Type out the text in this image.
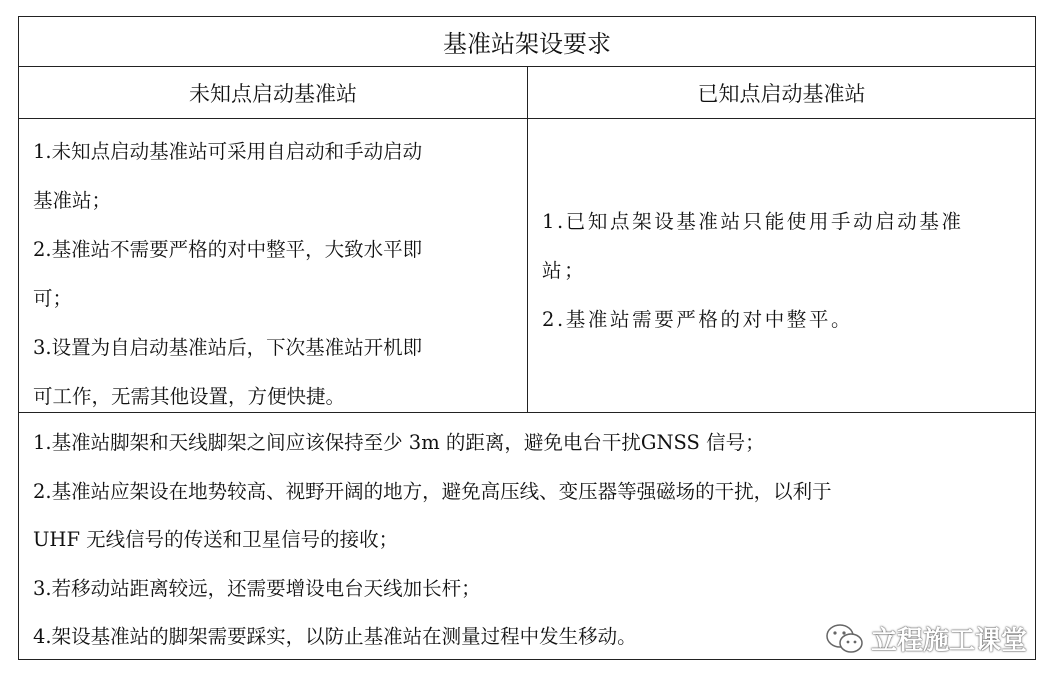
基准站架设要求
未知点启动基准站	已知点启动基准站
1.未知点启动基准站可采用自启动和手动启动
基准站；
2.基准站不需要严格的对中整平，大致水平即
可；
3.设置为自启动基准站后，下次基准站开机即
可工作，无需其他设置，方便快捷。
1.已知点架设基准站只能使用手动启动基准
站；
2.基准站需要严格的对中整平。
1.基准站脚架和天线脚架之间应该保持至少 3m 的距离，避免电台干扰GNSS 信号；
2.基准站应架设在地势较高、视野开阔的地方，避免高压线、变压器等强磁场的干扰，以利于
UHF 无线信号的传送和卫星信号的接收；
3.若移动站距离较远，还需要增设电台天线加长杆；
4.架设基准站的脚架需要踩实，以防止基准站在测量过程中发生移动。	立程施工课堂
